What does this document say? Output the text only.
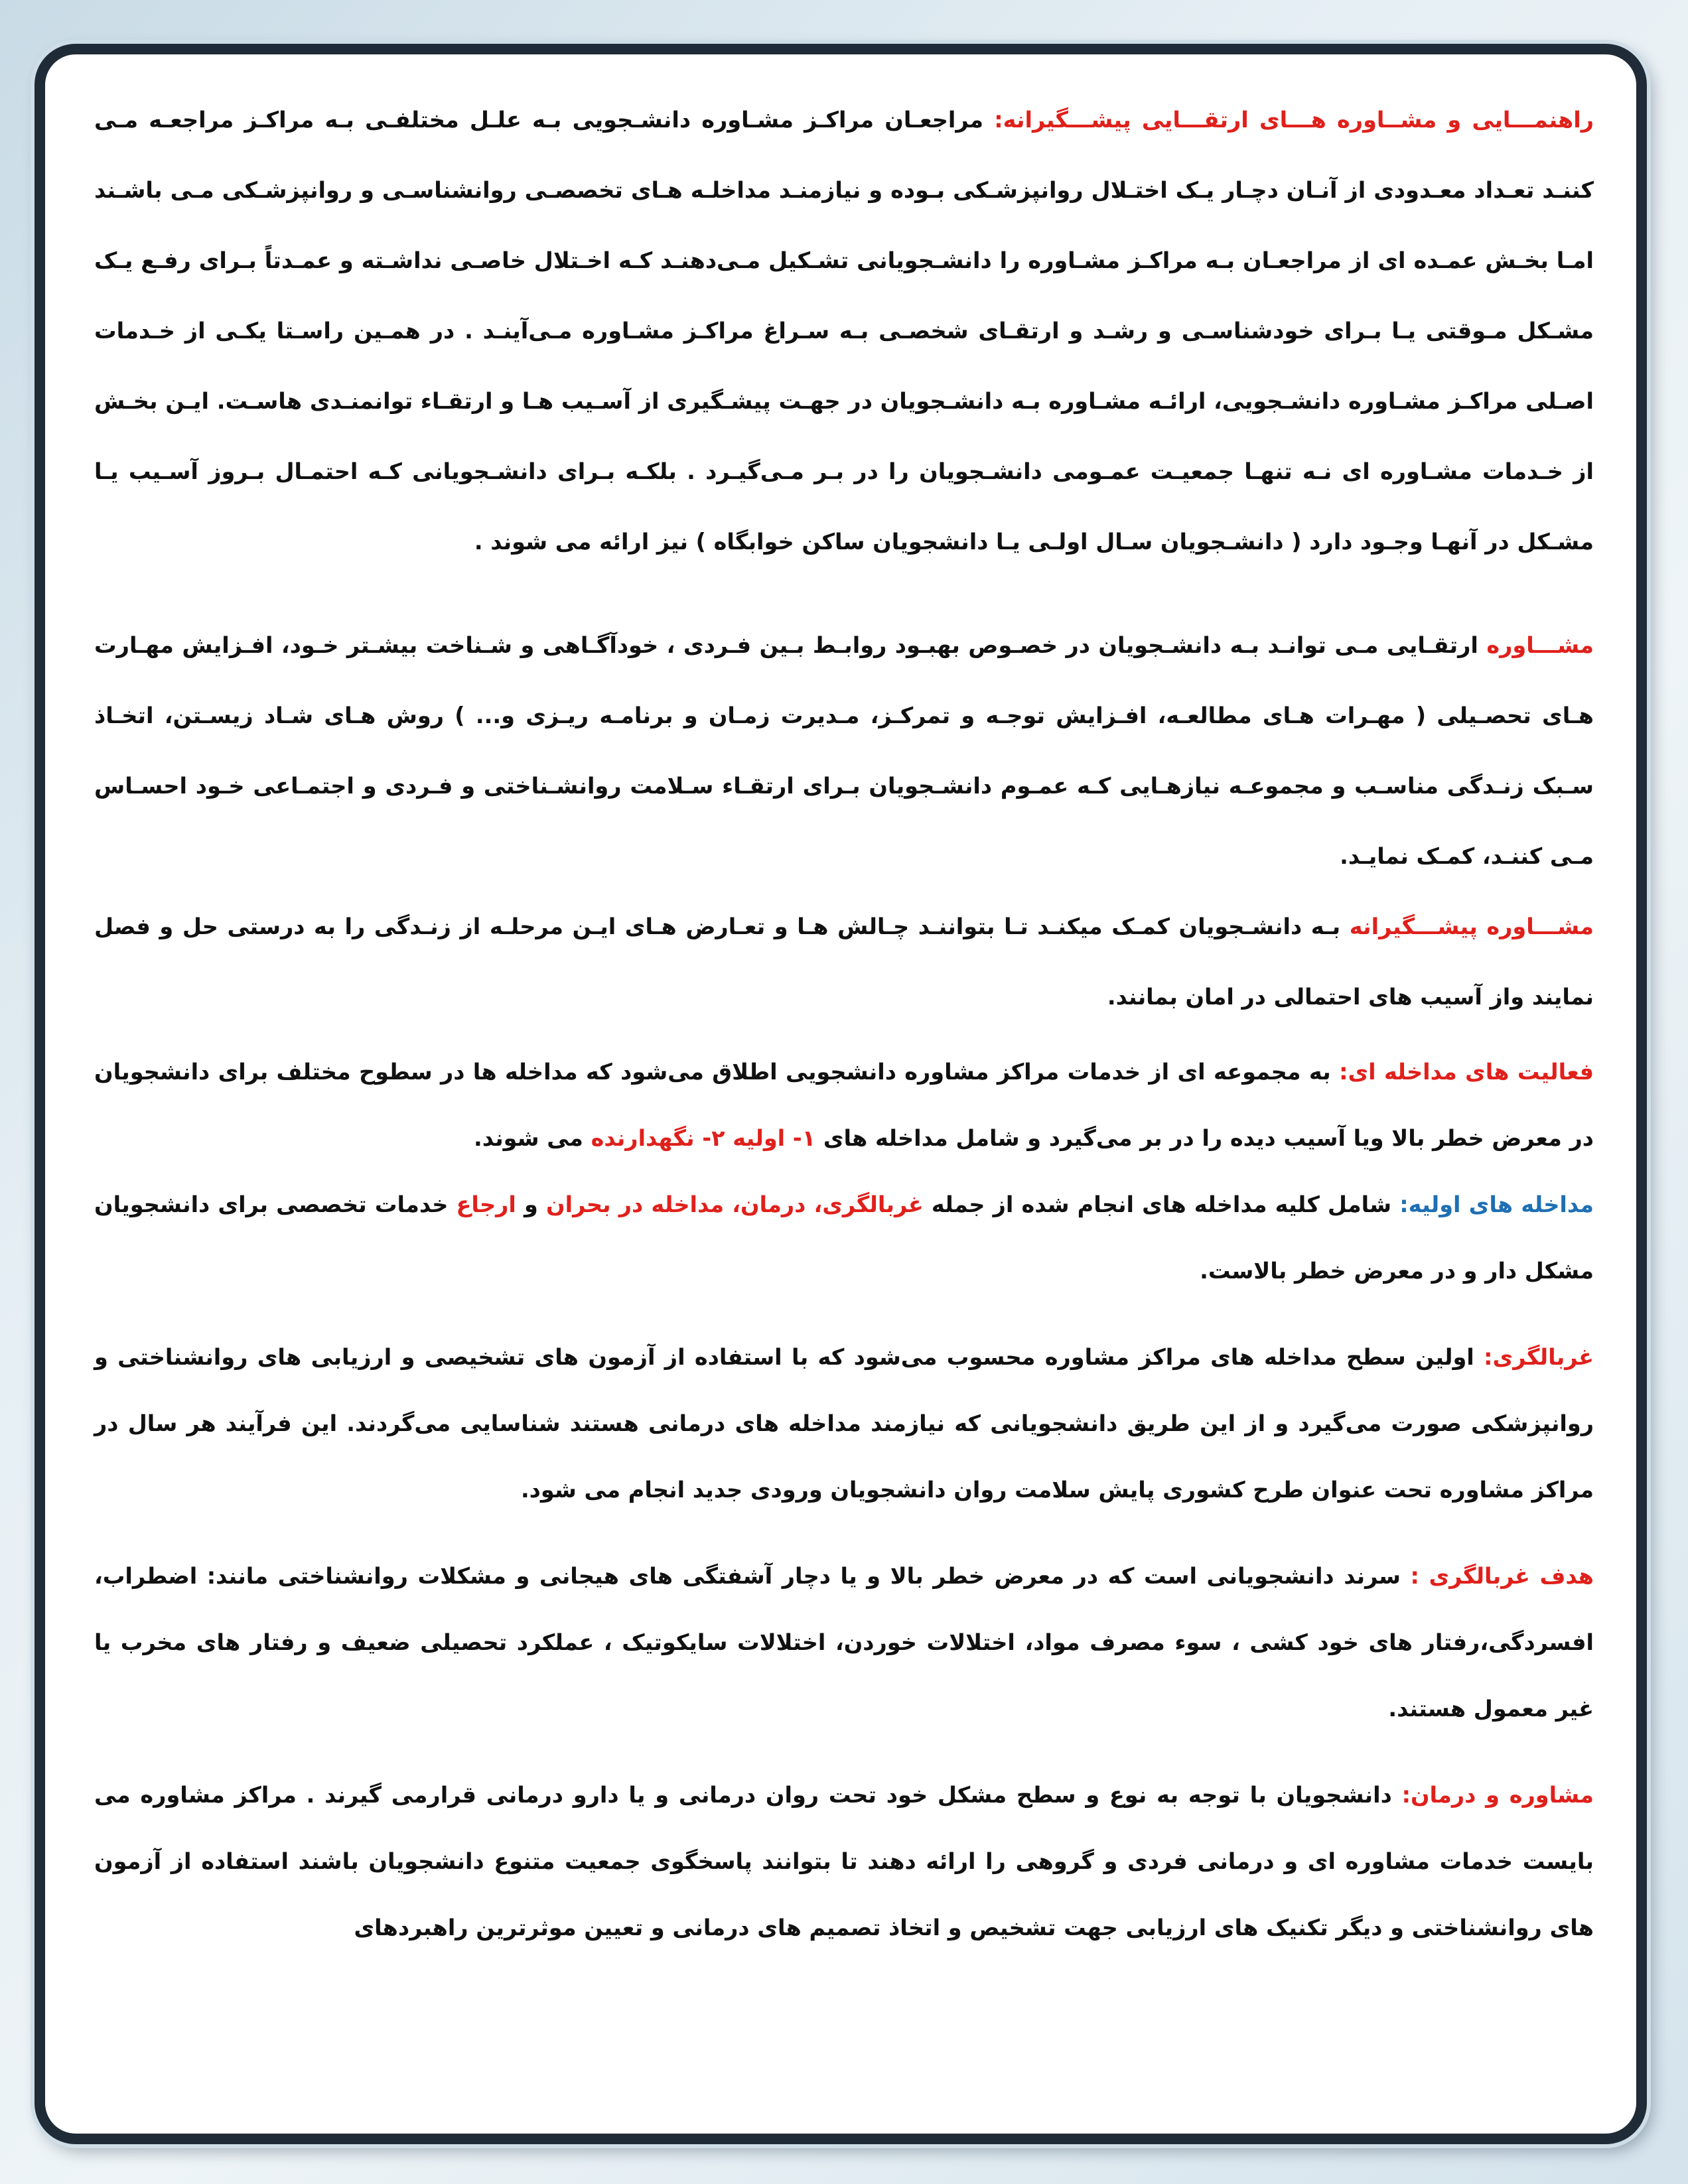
راهنمـــایی و مشــاوره هـــای ارتقـــایی پیشـــگیرانه: مراجعـان مراکـز مشـاوره دانشـجویی بـه علـل مختلفـی بـه مراکـز مراجعـه مـی کننـد تعـداد معـدودی از آنـان دچـار یـک اختـلال روانپزشـکی بـوده و نیازمنـد مداخلـه هـای تخصصـی روانشناسـی و روانپزشـکی مـی باشـند امـا بخـش عمـده ای از مراجعـان بـه مراکـز مشـاوره را دانشـجویانی تشـکیل مـی‌دهنـد کـه اخـتلال خاصـی نداشـته و عمـدتاً بـرای رفـع یـک مشـکل مـوقتی یـا بـرای خودشناسـی و رشـد و ارتقـای شخصـی بـه سـراغ مراکـز مشـاوره مـی‌آینـد . در همـین راسـتا یکـی از خـدمات اصـلی مراکـز مشـاوره دانشـجویی، ارائـه مشـاوره بـه دانشـجویان در جهـت پیشـگیری از آسـیب هـا و ارتقـاء توانمنـدی هاسـت. ایـن بخـش از خـدمات مشـاوره ای نـه تنهـا جمعیـت عمـومی دانشـجویان را در بـر مـی‌گیـرد . بلکـه بـرای دانشـجویانی کـه احتمـال بـروز آسـیب یـا مشـکل در آنهـا وجـود دارد ( دانشـجویان سـال اولـی یـا دانشجویان ساکن خوابگاه ) نیز ارائه می شوند .

مشـــاوره ارتقـایی مـی توانـد بـه دانشـجویان در خصـوص بهبـود روابـط بـین فـردی ، خودآگـاهی و شـناخت بیشـتر خـود، افـزایش مهـارت هـای تحصـیلی ( مهـرات هـای مطالعـه، افـزایش توجـه و تمرکـز، مـدیرت زمـان و برنامـه ریـزی و... ) روش هـای شـاد زیسـتن، اتخـاذ سـبک زنـدگی مناسـب و مجموعـه نیازهـایی کـه عمـوم دانشـجویان بـرای ارتقـاء سـلامت روانشـناختی و فـردی و اجتمـاعی خـود احسـاس مـی کننـد، کمـک نمایـد.

مشـــاوره پیشـــگیرانه بـه دانشـجویان کمـک میکنـد تـا بتواننـد چـالش هـا و تعـارض هـای ایـن مرحلـه از زنـدگی را به درستی حل و فصل نمایند واز آسیب های احتمالی در امان بمانند.

فعالیت های مداخله ای: به مجموعه ای از خدمات مراکز مشاوره دانشجویی اطلاق می‌شود که مداخله ها در سطوح مختلف برای دانشجویان در معرض خطر بالا ویا آسیب دیده را در بر می‌گیرد و شامل مداخله های ۱- اولیه ۲- نگهدارنده می شوند.

مداخله های اولیه: شامل کلیه مداخله های انجام شده از جمله غربالگری، درمان، مداخله در بحران و ارجاع خدمات تخصصی برای دانشجویان مشکل دار و در معرض خطر بالاست.

غربالگری: اولین سطح مداخله های مراکز مشاوره محسوب می‌شود که با استفاده از آزمون های تشخیصی و ارزیابی های روانشناختی و روانپزشکی صورت می‌گیرد و از این طریق دانشجویانی که نیازمند مداخله های درمانی هستند شناسایی می‌گردند. این فرآیند هر سال در مراکز مشاوره تحت عنوان طرح کشوری پایش سلامت روان دانشجویان ورودی جدید انجام می شود.

هدف غربالگری : سرند دانشجویانی است که در معرض خطر بالا و یا دچار آشفتگی های هیجانی و مشکلات روانشناختی مانند: اضطراب، افسردگی،رفتار های خود کشی ، سوء مصرف مواد، اختلالات خوردن، اختلالات سایکوتیک ، عملکرد تحصیلی ضعیف و رفتار های مخرب یا غیر معمول هستند.

مشاوره و درمان: دانشجویان با توجه به نوع و سطح مشکل خود تحت روان درمانی و یا دارو درمانی قرارمی گیرند . مراکز مشاوره می بایست خدمات مشاوره ای و درمانی فردی و گروهی را ارائه دهند تا بتوانند پاسخگوی جمعیت متنوع دانشجویان باشند استفاده از آزمون های روانشناختی و دیگر تکنیک های ارزیابی جهت تشخیص و اتخاذ تصمیم های درمانی و تعیین موثرترین راهبردهای
